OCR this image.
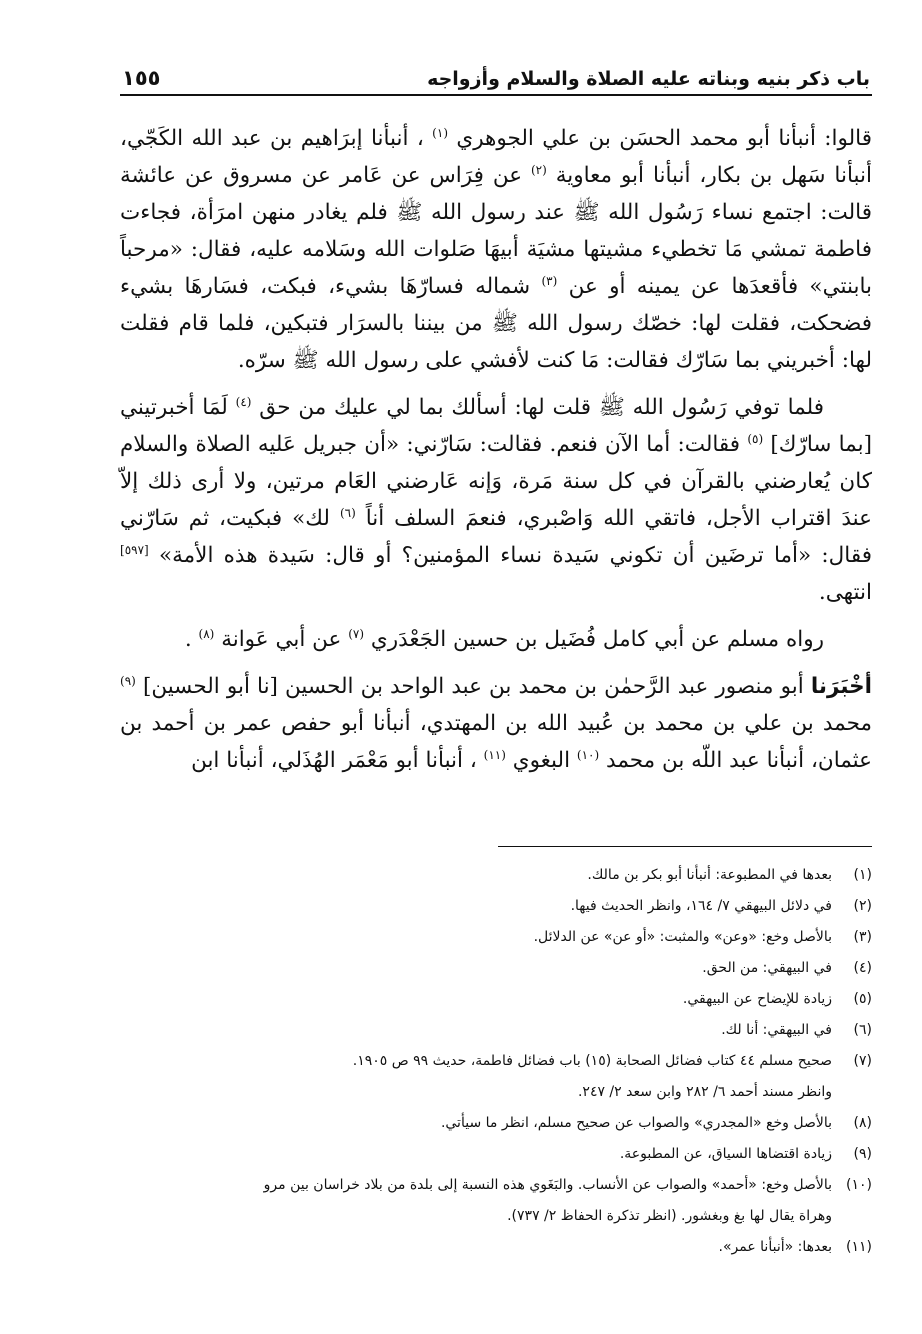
باب ذكر بنيه وبناته عليه الصلاة والسلام وأزواجه
١٥٥

قالوا: أنبأنا أبو محمد الحسَن بن علي الجوهري $^{(١)}$ ، أنبأنا إبرَاهيم بن عبد الله الكَجّي، أنبأنا سَهل بن بكار، أنبأنا أبو معاوية $^{(٢)}$ عن فِرَاس عن عَامر عن مسروق عن عائشة قالت: اجتمع نساء رَسُول الله ﷺ عند رسول الله ﷺ فلم يغادر منهن امرَأة، فجاءت فاطمة تمشي مَا تخطيء مشيتها مشيَة أبيهَا صَلوات الله وسَلامه عليه، فقال: «مرحباً بابنتي» فأقعدَها عن يمينه أو عن $^{(٣)}$ شماله فسارّهَا بشيء، فبكت، فسَارهَا بشيء فضحكت، فقلت لها: خصّك رسول الله ﷺ من بيننا بالسرَار فتبكين، فلما قام فقلت لها: أخبريني بما سَارّك فقالت: مَا كنت لأفشي على رسول الله ﷺ سرّه.

فلما توفي رَسُول الله ﷺ قلت لها: أسألك بما لي عليك من حق $^{(٤)}$ لَمَا أخبرتيني [بما سارّك] $^{(٥)}$ فقالت: أما الآن فنعم. فقالت: سَارّني: «أن جبريل عَليه الصلاة والسلام كان يُعارضني بالقرآن في كل سنة مَرة، وَإنه عَارضني العَام مرتين، ولا أرى ذلك إلاّ عندَ اقتراب الأجل، فاتقي الله وَاصْبري، فنعمَ السلف أناً $^{(٦)}$ لك» فبكيت، ثم سَارّني فقال: «أما ترضَين أن تكوني سَيدة نساء المؤمنين؟ أو قال: سَيدة هذه الأمة» [٥٩٧] انتهى.

رواه مسلم عن أبي كامل فُضَيل بن حسين الجَعْدَري $^{(٧)}$ عن أبي عَوانة $^{(٨)}$ .

أخْبَرَنا أبو منصور عبد الرَّحمٰن بن محمد بن عبد الواحد بن الحسين [نا أبو الحسين] $^{(٩)}$ محمد بن علي بن محمد بن عُبيد الله بن المهتدي، أنبأنا أبو حفص عمر بن أحمد بن عثمان، أنبأنا عبد اللّه بن محمد $^{(١٠)}$ البغوي $^{(١١)}$ ، أنبأنا أبو مَعْمَر الهُذَلي، أنبأنا ابن

(١)
بعدها في المطبوعة: أنبأنا أبو بكر بن مالك.
(٢)
في دلائل البيهقي ٧/ ١٦٤، وانظر الحديث فيها.
(٣)
بالأصل وخع: «وعن» والمثبت: «أو عن» عن الدلائل.
(٤)
في البيهقي: من الحق.
(٥)
زيادة للإيضاح عن البيهقي.
(٦)
في البيهقي: أنا لك.
(٧)
صحيح مسلم ٤٤ كتاب فضائل الصحابة (١٥) باب فضائل فاطمة، حديث ٩٩ ص ١٩٠٥.
وانظر مسند أحمد ٦/ ٢٨٢ وابن سعد ٢/ ٢٤٧.
(٨)
بالأصل وخع «المجدري» والصواب عن صحيح مسلم، انظر ما سيأتي.
(٩)
زيادة اقتضاها السياق، عن المطبوعة.
(١٠)
بالأصل وخع: «أحمد» والصواب عن الأنساب. والبَغَوي هذه النسبة إلى بلدة من بلاد خراسان بين مرو
وهراة يقال لها بغ وبغشور. (انظر تذكرة الحفاظ ٢/ ٧٣٧).
(١١)
بعدها: «أنبأنا عمر».
